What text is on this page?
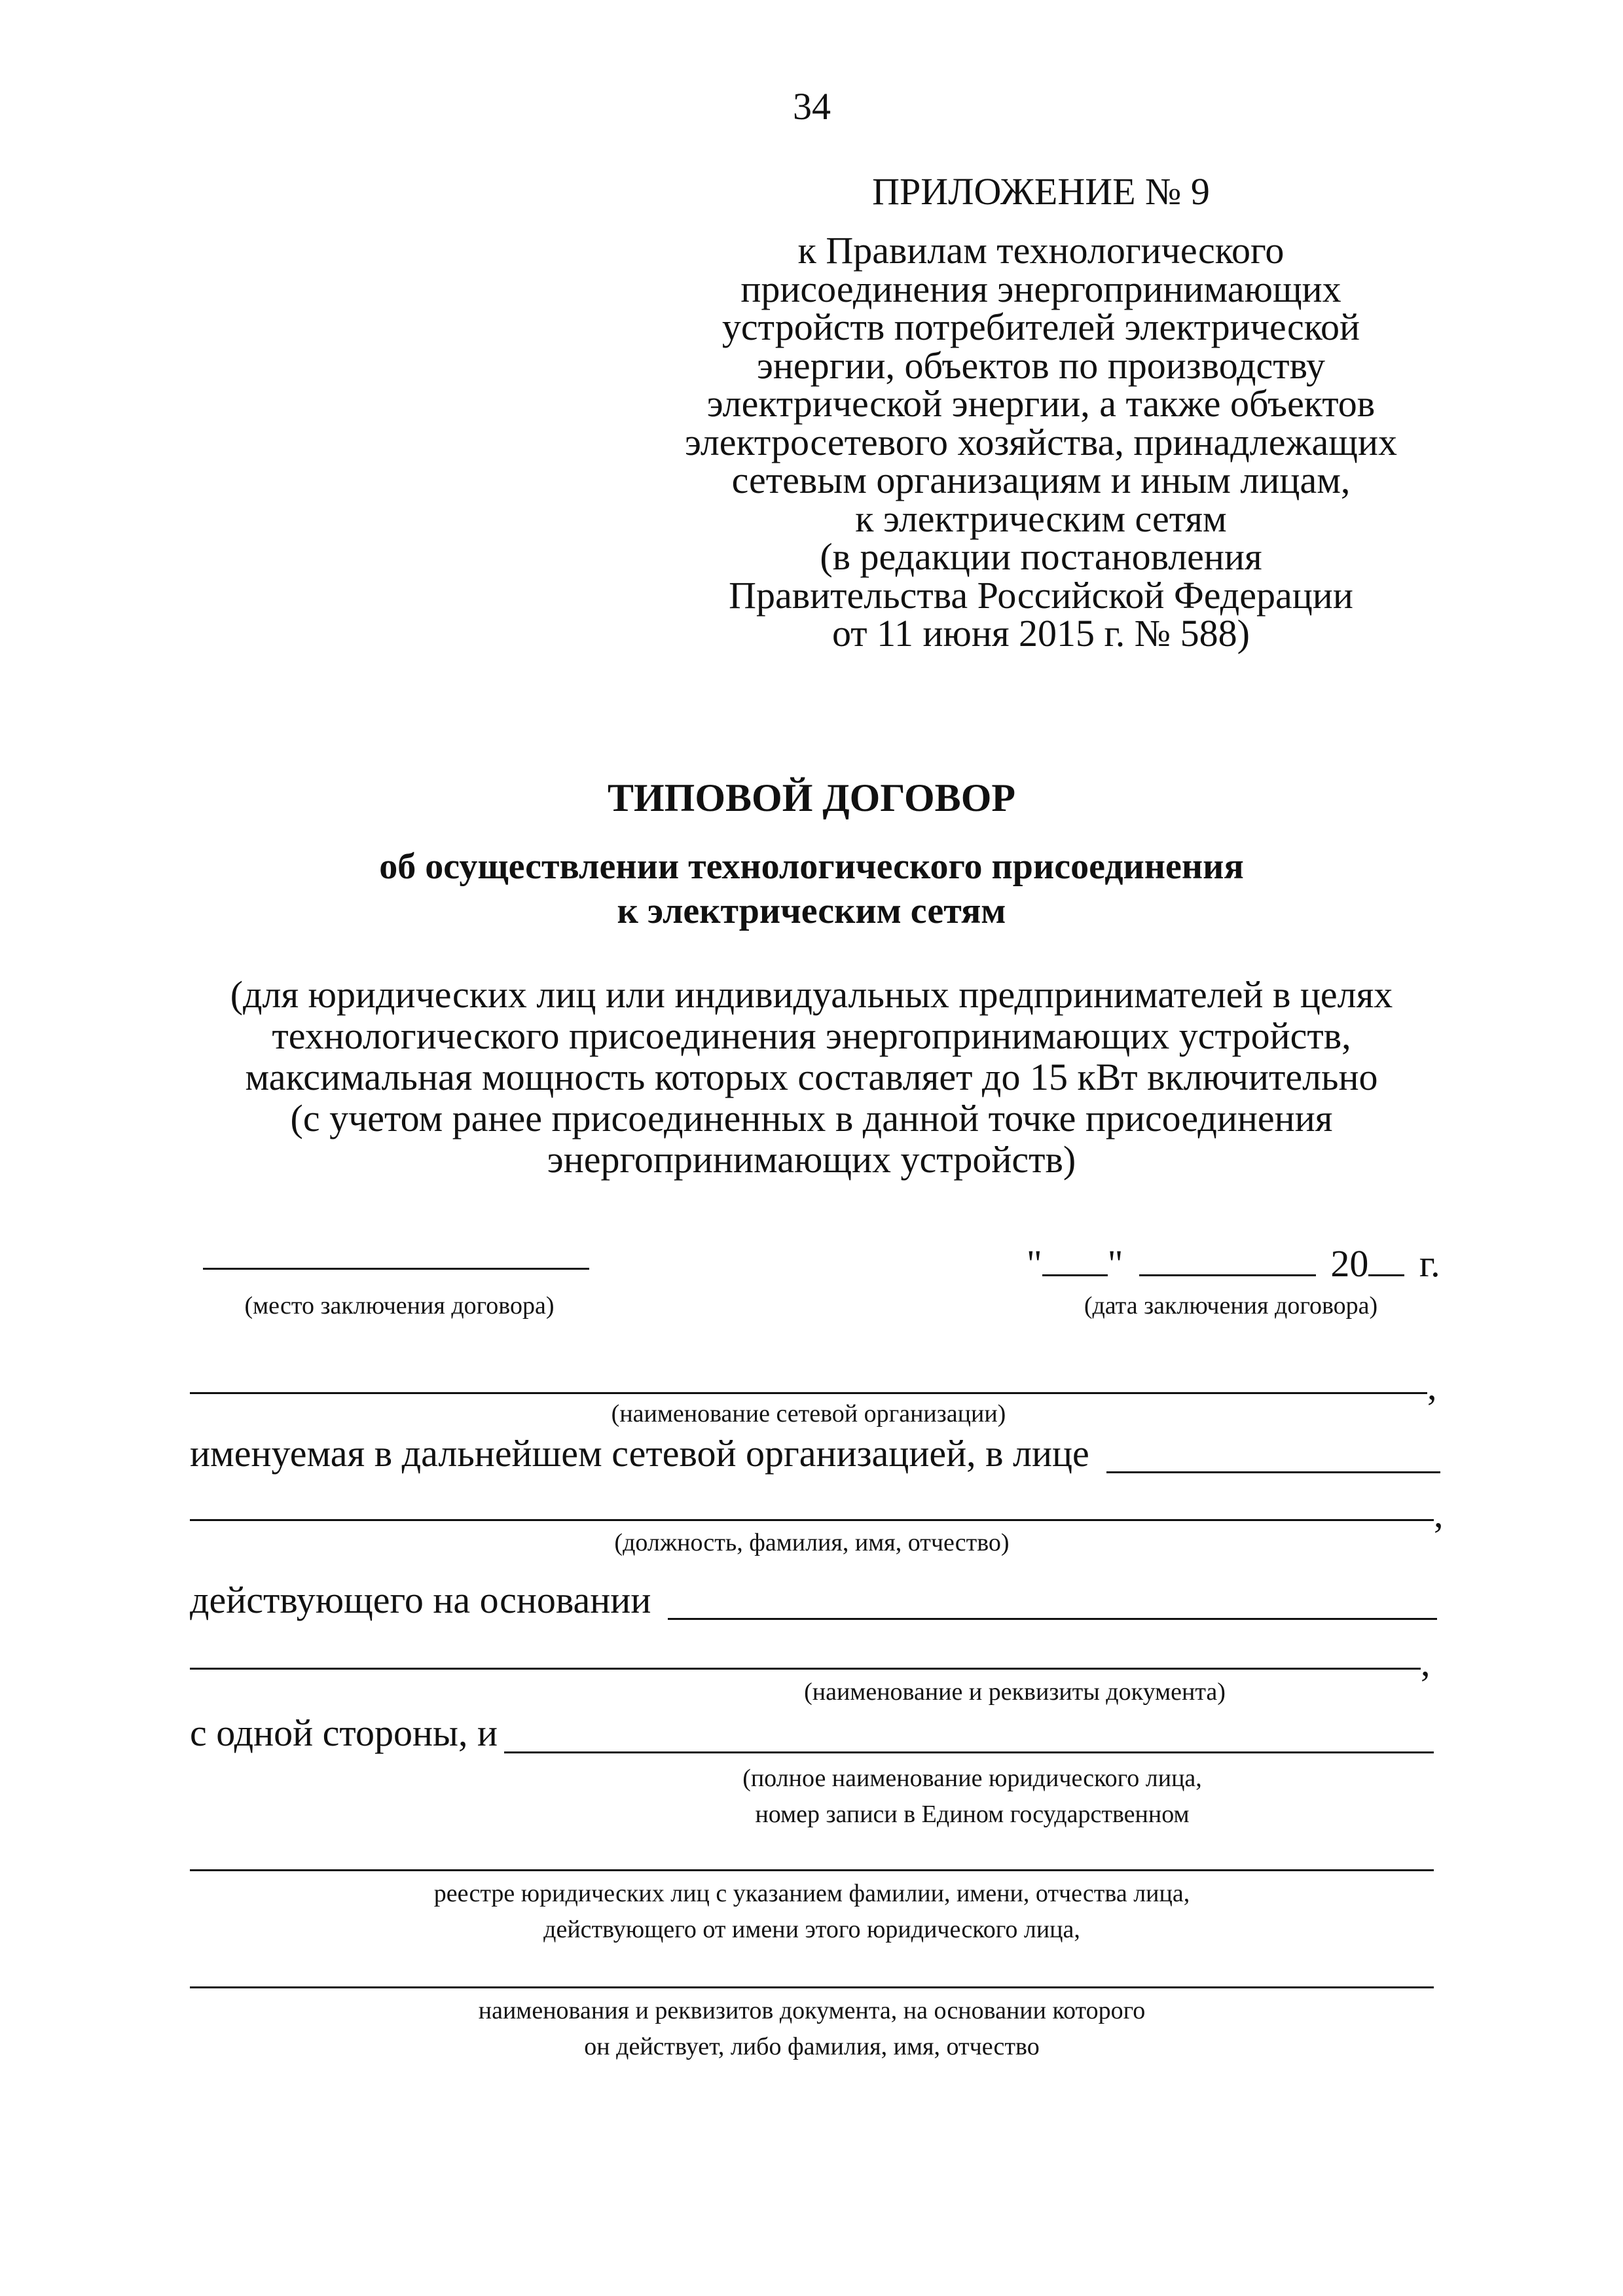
34
ПРИЛОЖЕНИЕ № 9
к Правилам технологического
присоединения энергопринимающих
устройств потребителей электрической
энергии, объектов по производству
электрической энергии, а также объектов
электросетевого хозяйства, принадлежащих
сетевым организациям и иным лицам,
к электрическим сетям
(в редакции постановления
Правительства Российской Федерации
от 11 июня 2015 г. № 588)
ТИПОВОЙ ДОГОВОР
об осуществлении технологического присоединения
к электрическим сетям
(для юридических лиц или индивидуальных предпринимателей в целях
технологического присоединения энергопринимающих устройств,
максимальная мощность которых составляет до 15 кВт включительно
(с учетом ранее присоединенных в данной точке присоединения
энергопринимающих устройств)
" "	20 г.
(место заключения договора)	(дата заключения договора)
,
(наименование сетевой организации)
именуемая в дальнейшем сетевой организацией, в лице
,
(должность, фамилия, имя, отчество)
действующего на основании
,
(наименование и реквизиты документа)
с одной стороны, и
(полное наименование юридического лица,
номер записи в Едином государственном
реестре юридических лиц с указанием фамилии, имени, отчества лица,
действующего от имени этого юридического лица,
наименования и реквизитов документа, на основании которого
он действует, либо фамилия, имя, отчество
